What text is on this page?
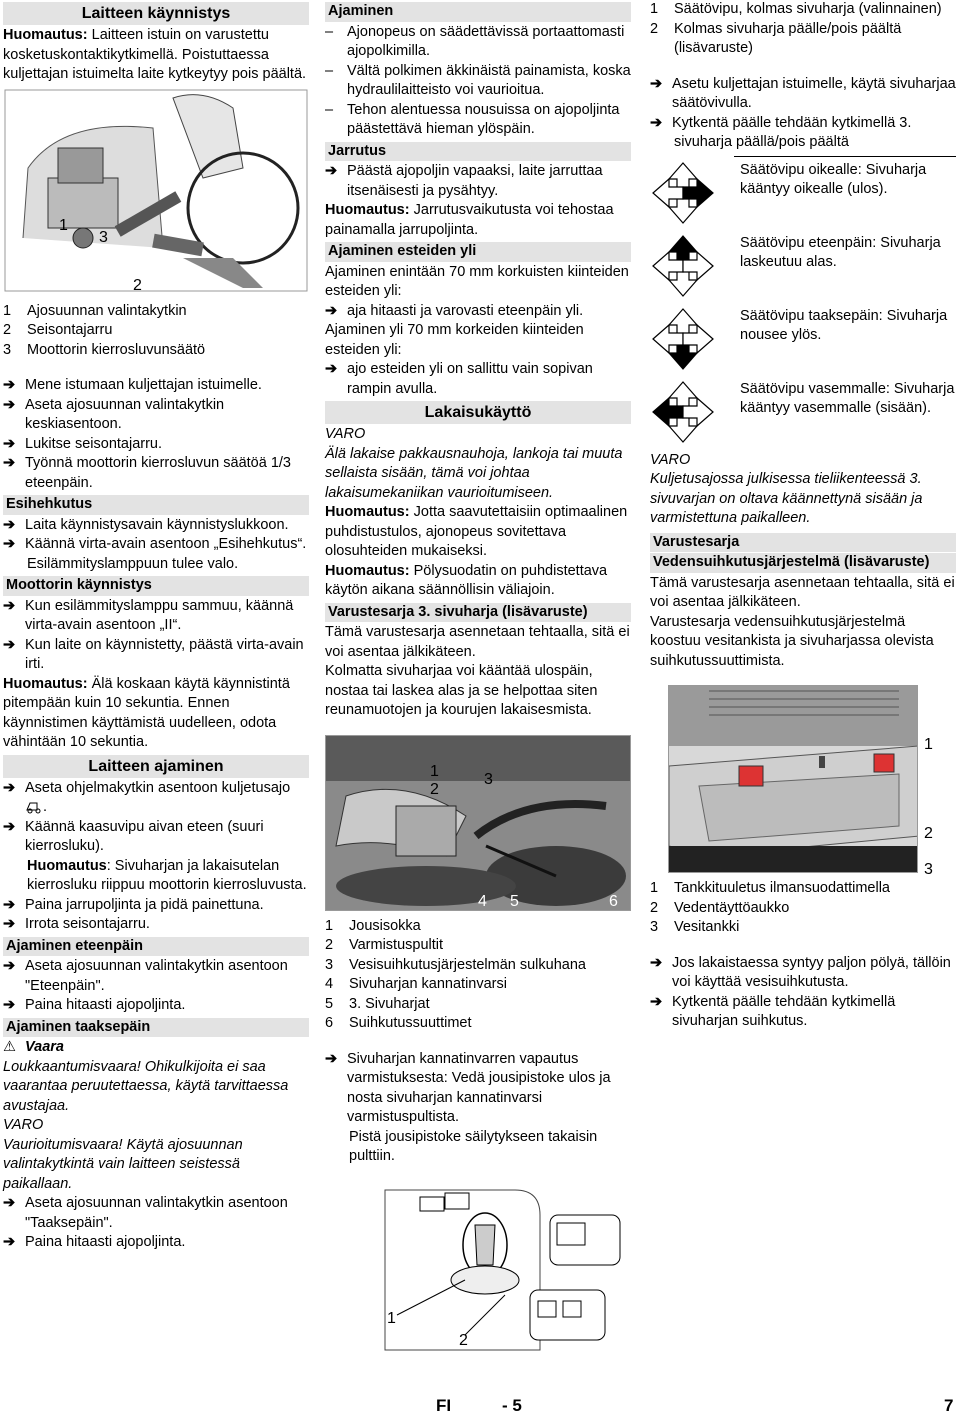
Laitteen käynnistys
Huomautus: Laitteen istuin on varustettu kosketuskontaktikytkimellä. Poistuttaessa kuljettajan istuimelta laite kytkeytyy pois päältä.
1
3
2
1	Ajosuunnan valintakytkin
2	Seisontajarru
3	Moottorin kierrosluvunsäätö
➔ Mene istumaan kuljettajan istuimelle.
➔ Aseta ajosuunnan valintakytkin keskiasentoon.
➔ Lukitse seisontajarru.
➔ Työnnä moottorin kierrosluvun säätöä 1/3 eteenpäin.
Esihehkutus
➔ Laita käynnistysavain käynnistyslukkoon.
➔ Käännä virta-avain asentoon „Esihehkutus“.
Esilämmityslamppuun tulee valo.
Moottorin käynnistys
➔ Kun esilämmityslamppu sammuu, käännä virta-avain asentoon „II“.
➔ Kun laite on käynnistetty, päästä virta-avain irti.
Huomautus: Älä koskaan käytä käynnistintä pitempään kuin 10 sekuntia. Ennen käynnistimen käyttämistä uudelleen, odota vähintään 10 sekuntia.
Laitteen ajaminen
➔ Aseta ohjelmakytkin asentoon kuljetusajo .
➔ Käännä kaasuvipu aivan eteen (suuri kierrosluku).
Huomautus: Sivuharjan ja lakaisutelan kierrosluku riippuu moottorin kierrosluvusta.
➔ Paina jarrupoljinta ja pidä painettuna.
➔ Irrota seisontajarru.
Ajaminen eteenpäin
➔ Aseta ajosuunnan valintakytkin asentoon "Eteenpäin".
➔ Paina hitaasti ajopoljinta.
Ajaminen taaksepäin
⚠ Vaara
Loukkaantumisvaara! Ohikulkijoita ei saa vaarantaa peruutettaessa, käytä tarvittaessa avustajaa.
VARO
Vaurioitumisvaara! Käytä ajosuunnan valintakytkintä vain laitteen seistessä paikallaan.
➔ Aseta ajosuunnan valintakytkin asentoon "Taaksepäin".
➔ Paina hitaasti ajopoljinta.
Ajaminen
– Ajonopeus on säädettävissä portaattomasti ajopolkimilla.
– Vältä polkimen äkkinäistä painamista, koska hydraulilaitteisto voi vaurioitua.
– Tehon alentuessa nousuissa on ajopoljinta päästettävä hieman ylöspäin.
Jarrutus
➔ Päästä ajopoljin vapaaksi, laite jarruttaa itsenäisesti ja pysähtyy.
Huomautus: Jarrutusvaikutusta voi tehostaa painamalla jarrupoljinta.
Ajaminen esteiden yli
Ajaminen enintään 70 mm korkuisten kiinteiden esteiden yli:
➔ aja hitaasti ja varovasti eteenpäin yli.
Ajaminen yli 70 mm korkeiden kiinteiden esteiden yli:
➔ ajo esteiden yli on sallittu vain sopivan rampin avulla.
Lakaisukäyttö
VARO
Älä lakaise pakkausnauhoja, lankoja tai muuta sellaista sisään, tämä voi johtaa lakaisumekaniikan vaurioitumiseen.
Huomautus: Jotta saavutettaisiin optimaalinen puhdistustulos, ajonopeus sovitettava olosuhteiden mukaiseksi.
Huomautus: Pölysuodatin on puhdistettava käytön aikana säännöllisin väliajoin.
Varustesarja 3. sivuharja (lisävaruste)
Tämä varustesarja asennetaan tehtaalla, sitä ei voi asentaa jälkikäteen.
Kolmatta sivuharjaa voi kääntää ulospäin, nostaa tai laskea alas ja se helpottaa siten reunamuotojen ja kourujen lakaisesmista.
1
2
3
4 5	6
1	Jousisokka
2	Varmistuspultit
3	Vesisuihkutusjärjestelmän sulkuhana
4	Sivuharjan kannatinvarsi
5	3. Sivuharjat
6	Suihkutussuuttimet
➔ Sivuharjan kannatinvarren vapautus varmistuksesta: Vedä jousipistoke ulos ja nosta sivuharjan kannatinvarsi varmistuspultista.
Pistä jousipistoke säilytykseen takaisin pulttiin.
1
2
1	Säätövipu, kolmas sivuharja (valinnainen)
2	Kolmas sivuharja päälle/pois päältä (lisävaruste)
➔ Asetu kuljettajan istuimelle, käytä sivuharjaa säätövivulla.
➔ Kytkentä päälle tehdään kytkimellä 3.
sivuharja päällä/pois päältä
Säätövipu oikealle: Sivuharja kääntyy oikealle (ulos).
Säätövipu eteenpäin: Sivuharja laskeutuu alas.
Säätövipu taaksepäin: Sivuharja nousee ylös.
Säätövipu vasemmalle: Sivuharja kääntyy vasemmalle (sisään).
VARO
Kuljetusajossa julkisessa tieliikenteessä 3. sivuvarjan on oltava käännettynä sisään ja varmistettuna paikalleen.
Varustesarja
Vedensuihkutusjärjestelmä (lisävaruste)
Tämä varustesarja asennetaan tehtaalla, sitä ei voi asentaa jälkikäteen.
Varustesarja vedensuihkutusjärjestelmä koostuu vesitankista ja sivuharjassa olevista suihkutussuuttimista.
1
2
3
1	Tankkituuletus ilmansuodattimella
2	Vedentäyttöaukko
3	Vesitankki
➔ Jos lakaistaessa syntyy paljon pölyä, tällöin voi käyttää vesisuihkutusta.
➔ Kytkentä päälle tehdään kytkimellä sivuharjan suihkutus.
FI	- 5	7
